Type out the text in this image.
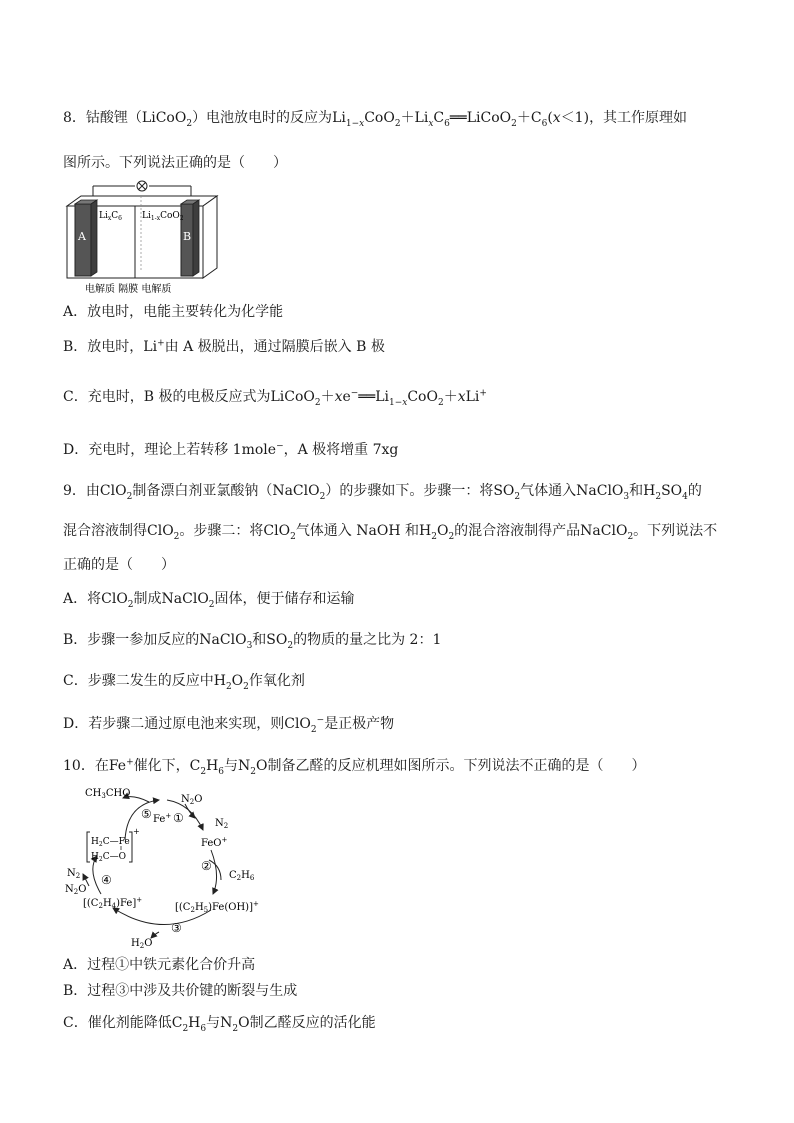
8．钴酸锂（LiCoO$_2$）电池放电时的反应为$Li_{1-x}CoO_2+Li_xC_6══LiCoO_2+C_6(x<1)$，其工作原理如
图所示。下列说法正确的是（　　）
A	B
$Li_xC_6$ $Li_{1-x}CoO_2$
电解质 隔膜 电解质
A．放电时，电能主要转化为化学能
B．放电时，Li+由 A 极脱出，通过隔膜后嵌入 B 极
C．充电时，B 极的电极反应式为$LiCoO_2+xe^-══Li_{1-x}CoO_2+xLi^+$
D．充电时，理论上若转移 1mole−，A 极将增重 7xg
9．由ClO$_2$制备漂白剂亚氯酸钠（NaClO$_2$）的步骤如下。步骤一：将$SO_2$气体通入NaClO$_3$和$H_2SO_4$的
混合溶液制得ClO$_2$。步骤二：将ClO$_2$气体通入 NaOH 和$H_2O_2$的混合溶液制得产品NaClO$_2$。下列说法不
正确的是（　　）
A．将ClO$_2$制成NaClO$_2$固体，便于储存和运输
B．步骤一参加反应的NaClO$_3$和$SO_2$的物质的量之比为 2：1
C．步骤二发生的反应中$H_2O_2$作氧化剂
D．若步骤二通过原电池来实现，则ClO$_2$−是正极产物
10．在Fe+催化下，$C_2H_6$与$N_2O$制备乙醛的反应机理如图所示。下列说法不正确的是（　　）
$CH_3CHO$
Fe+
$N_2O$
$N_2$
FeO+
$C_2H_6$
$[(C_2H_5)Fe(OH)]^+$
$[(C_2H_4)Fe]^+$
$H_2O$
$N_2$
$N_2O$
$H_2C—Fe$
$H_2C—O$
+
⑤ ①
②
③
④
A．过程①中铁元素化合价升高
B．过程③中涉及共价键的断裂与生成
C．催化剂能降低$C_2H_6$与$N_2O$制乙醛反应的活化能
